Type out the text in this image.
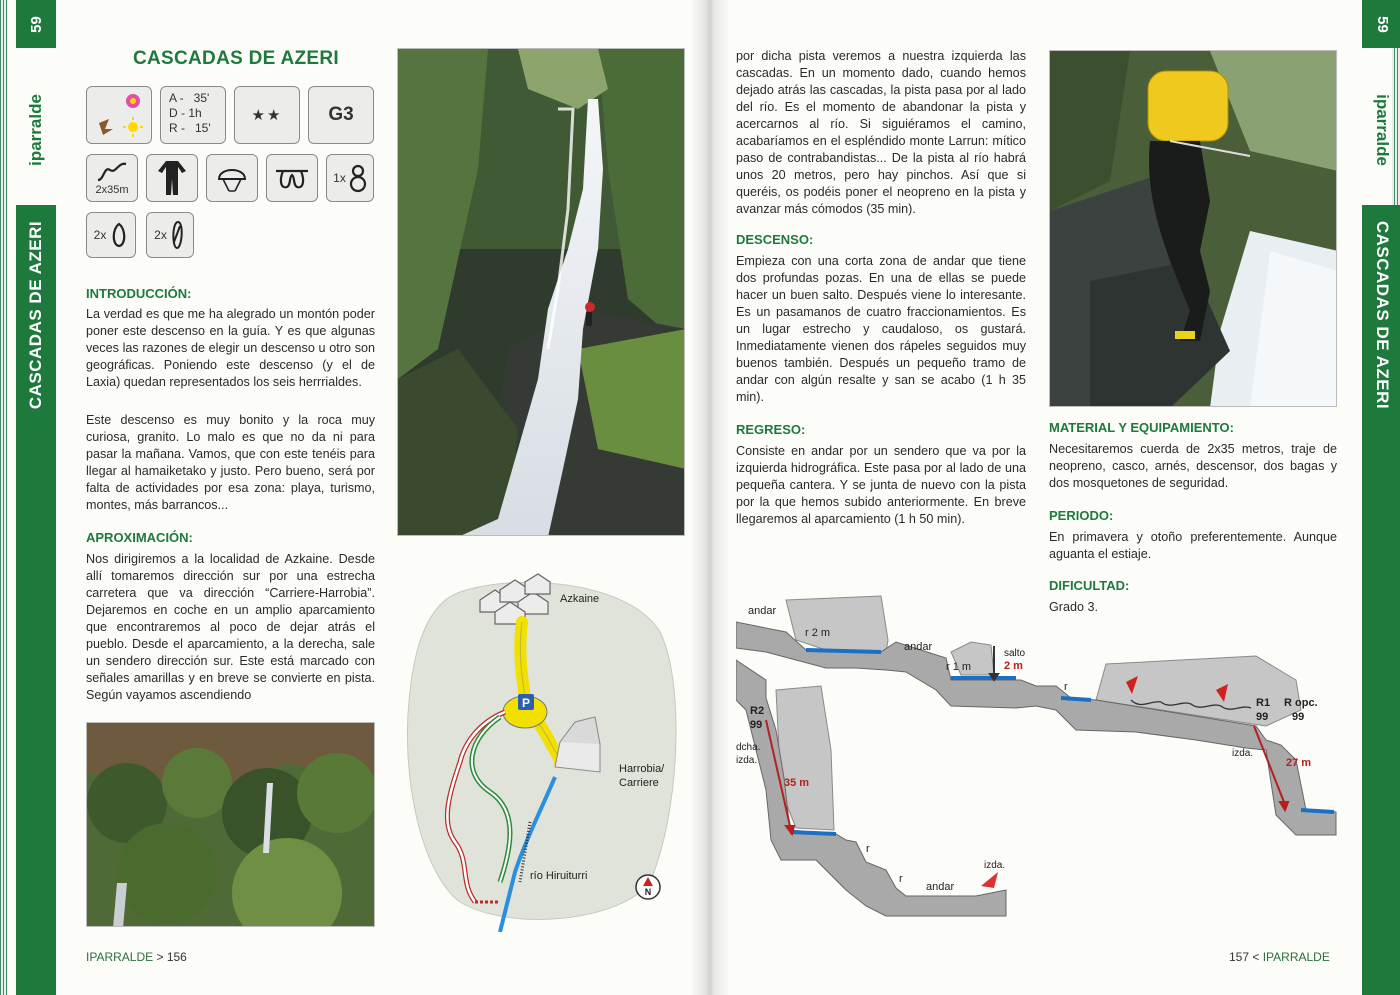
59
iparralde
CASCADAS DE AZERI
CASCADAS DE AZERI
A -   35'
D - 1h
R -   15'
★★ G3
2x35m
1x
2x	2x
INTRODUCCIÓN:
La verdad es que me ha alegrado un montón poder poner este descenso en la guía. Y es que algunas veces las razones de elegir un descenso u otro son geográficas. Poniendo este descenso (y el de Laxia) quedan representados los seis herrrialdes.
Este descenso es muy bonito y la roca muy curiosa, granito. Lo malo es que no da ni para pasar la mañana. Vamos, que con este tenéis para llegar al hamaiketako y justo. Pero bueno, será por falta de actividades por esa zona: playa, turismo, montes, más barrancos...
APROXIMACIÓN:
Nos dirigiremos a la localidad de Azkaine. Desde allí tomaremos dirección sur por una estrecha carretera que va dirección “Carriere-Harrobia”. Dejaremos en coche en un amplio aparcamiento que encontraremos al poco de dejar atrás el pueblo. Desde el aparcamiento, a la derecha, sale un sendero dirección sur. Este está marcado con señales amarillas y en breve se convierte en pista. Según vayamos ascendiendo
P
N
Azkaine
Harrobia/
Carriere
río Hiruiturri
IPARRALDE > 156
por dicha pista veremos a nuestra izquierda las cascadas. En un momento dado, cuando hemos dejado atrás las cascadas, la pista pasa por al lado del río. Es el momento de abandonar la pista y acercarnos al río. Si siguiéramos el camino, acabaríamos en el espléndido monte Larrun: mítico paso de contrabandistas... De la pista al río habrá unos 20 metros, pero hay pinchos. Así que si queréis, os podéis poner el neopreno en la pista y avanzar más cómodos (35 min).
DESCENSO:
Empieza con una corta zona de andar que tiene dos profundas pozas. En una de ellas se puede hacer un buen salto. Después viene lo interesante. Es un pasamanos de cuatro fraccionamientos. Es un lugar estrecho y caudaloso, os gustará. Inmediatamente vienen dos rápeles seguidos muy buenos también. Después un pequeño tramo de andar con algún resalte y san se acabo (1 h 35 min).
REGRESO:
Consiste en andar por un sendero que va por la izquierda hidrográfica. Este pasa por al lado de una pequeña cantera. Y se junta de nuevo con la pista por la que hemos subido anteriormente. En breve llegaremos al aparcamiento (1 h 50 min).
MATERIAL Y EQUIPAMIENTO:
Necesitaremos cuerda de 2x35 metros, traje de neopreno, casco, arnés, descensor, dos bagas y dos mosquetones de seguridad.
PERIODO:
En primavera y otoño preferentemente. Aunque aguanta el estiaje.
DIFICULTAD:
Grado 3.
andar
r 2 m
andar
r 1 m
salto
2 m
r
R1
99
R opc.
99
izda.
27 m
R2
99
dcha.
izda.
35 m
r
r
andar
izda.
157 < IPARRALDE
59
iparralde
CASCADAS DE AZERI
